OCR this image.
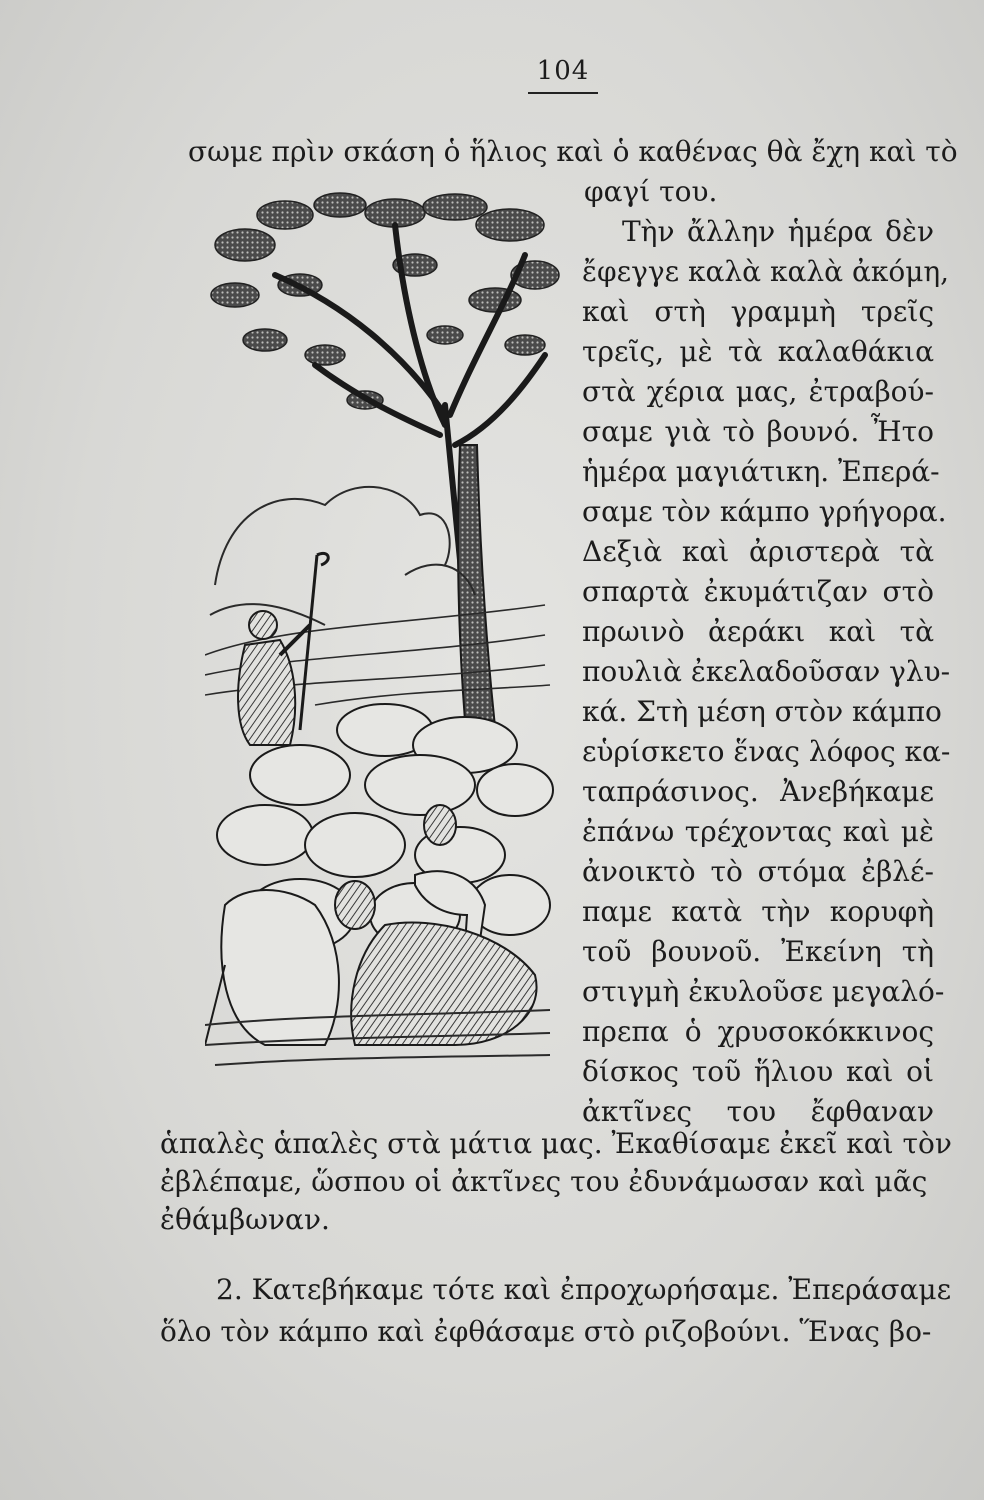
104
σωμε πρὶν σκάση ὁ ἥλιος καὶ ὁ καθένας θὰ ἔχη καὶ τὸ
φαγί του.
Τὴν ἄλλην ἡμέρα δὲν
ἔφεγγε καλὰ καλὰ ἀκόμη,
καὶ στὴ γραμμὴ τρεῖς
τρεῖς, μὲ τὰ καλαθάκια
στὰ χέρια μας, ἐτραβού-
σαμε γιὰ τὸ βουνό. Ἦτο
ἡμέρα μαγιάτικη. Ἐπερά-
σαμε τὸν κάμπο γρήγορα.
Δεξιὰ καὶ ἀριστερὰ τὰ
σπαρτὰ ἐκυμάτιζαν στὸ
πρωινὸ ἀεράκι καὶ τὰ
πουλιὰ ἐκελαδοῦσαν γλυ-
κά. Στὴ μέση στὸν κάμπο
εὑρίσκετο ἕνας λόφος κα-
ταπράσινος. Ἀνεβήκαμε
ἐπάνω τρέχοντας καὶ μὲ
ἀνοικτὸ τὸ στόμα ἐβλέ-
παμε κατὰ τὴν κορυφὴ
τοῦ βουνοῦ. Ἐκείνη τὴ
στιγμὴ ἐκυλοῦσε μεγαλό-
πρεπα ὁ χρυσοκόκκινος
δίσκος τοῦ ἥλιου καὶ οἱ
ἀκτῖνες του ἔφθαναν
ἁπαλὲς ἁπαλὲς στὰ μάτια μας. Ἐκαθίσαμε ἐκεῖ καὶ τὸν
ἐβλέπαμε, ὥσπου οἱ ἀκτῖνες του ἐδυνάμωσαν καὶ μᾶς
ἐθάμβωναν.
2. Κατεβήκαμε τότε καὶ ἐπροχωρήσαμε. Ἐπεράσαμε
ὅλο τὸν κάμπο καὶ ἐφθάσαμε στὸ ριζοβούνι. Ἕνας βο-
